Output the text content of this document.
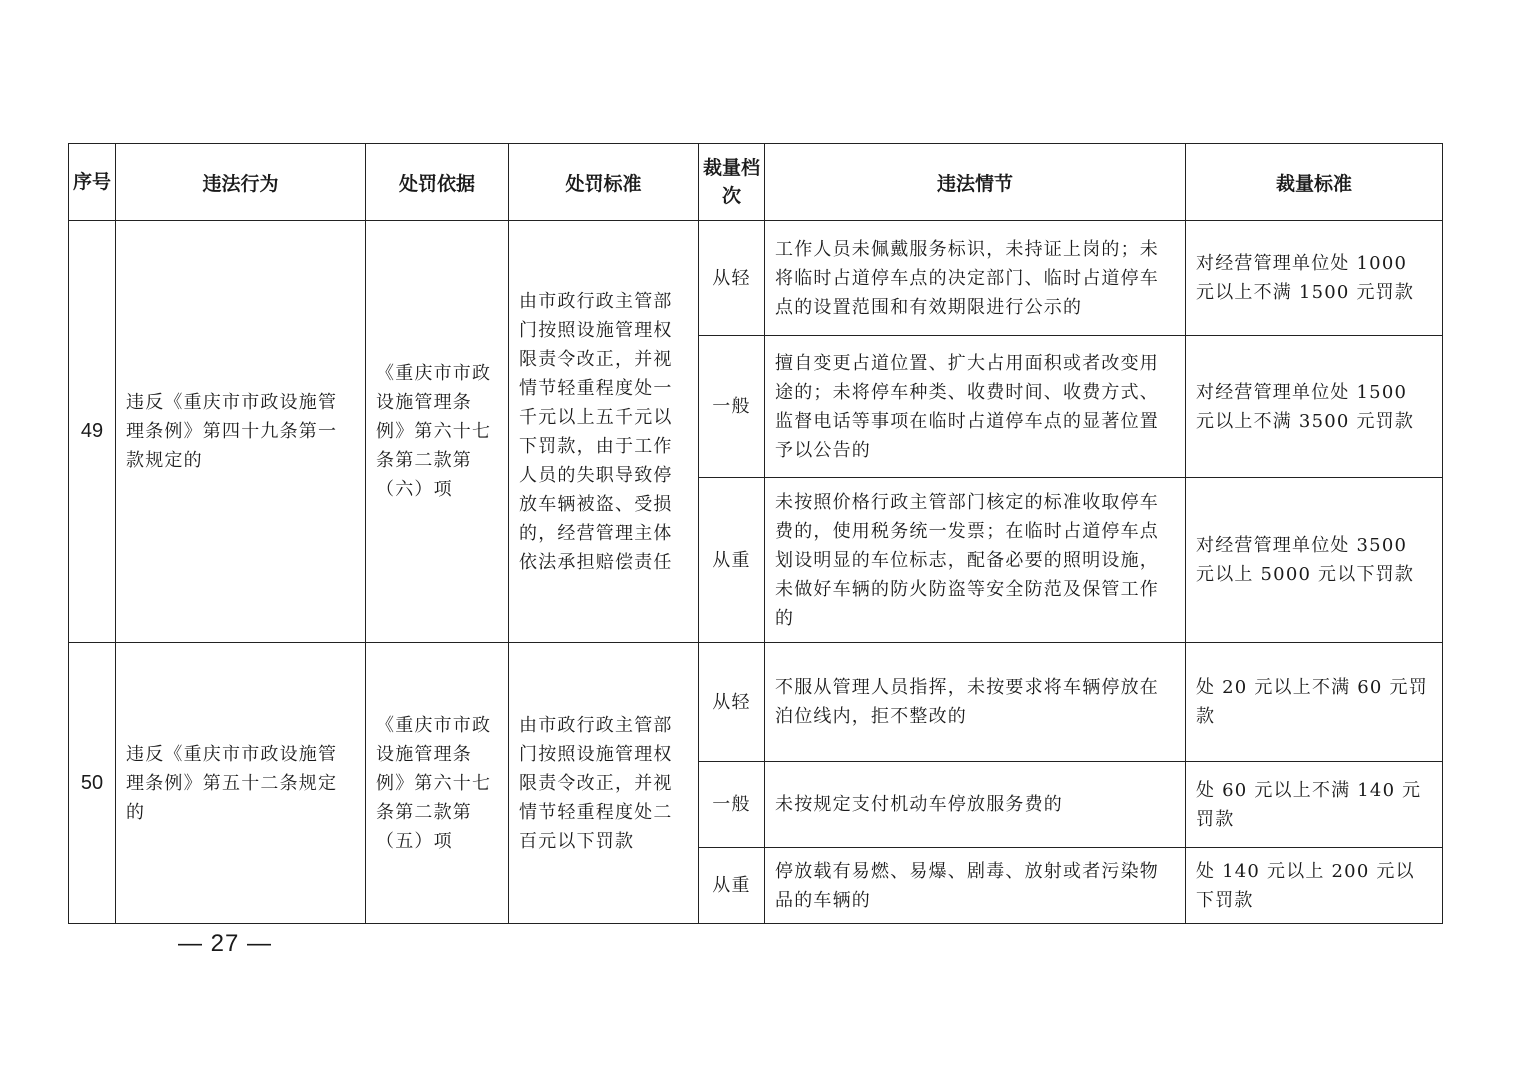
序号	违法行为	处罚依据	处罚标准	裁量档次	违法情节	裁量标准
49	违反《重庆市市政设施管理条例》第四十九条第一款规定的	《重庆市市政设施管理条例》第六十七条第二款第（六）项	由市政行政主管部门按照设施管理权限责令改正，并视情节轻重程度处一千元以上五千元以下罚款，由于工作人员的失职导致停放车辆被盗、受损的，经营管理主体依法承担赔偿责任	从轻	工作人员未佩戴服务标识，未持证上岗的；未将临时占道停车点的决定部门、临时占道停车点的设置范围和有效期限进行公示的	对经营管理单位处 1000 元以上不满 1500 元罚款
				一般	擅自变更占道位置、扩大占用面积或者改变用途的；未将停车种类、收费时间、收费方式、监督电话等事项在临时占道停车点的显著位置予以公告的	对经营管理单位处 1500 元以上不满 3500 元罚款
				从重	未按照价格行政主管部门核定的标准收取停车费的，使用税务统一发票；在临时占道停车点划设明显的车位标志，配备必要的照明设施，未做好车辆的防火防盗等安全防范及保管工作的	对经营管理单位处 3500 元以上 5000 元以下罚款
50	违反《重庆市市政设施管理条例》第五十二条规定的	《重庆市市政设施管理条例》第六十七条第二款第（五）项	由市政行政主管部门按照设施管理权限责令改正，并视情节轻重程度处二百元以下罚款	从轻	不服从管理人员指挥，未按要求将车辆停放在泊位线内，拒不整改的	处 20 元以上不满 60 元罚款
				一般	未按规定支付机动车停放服务费的	处 60 元以上不满 140 元罚款
				从重	停放载有易燃、易爆、剧毒、放射或者污染物品的车辆的	处 140 元以上 200 元以下罚款
— 27 —
